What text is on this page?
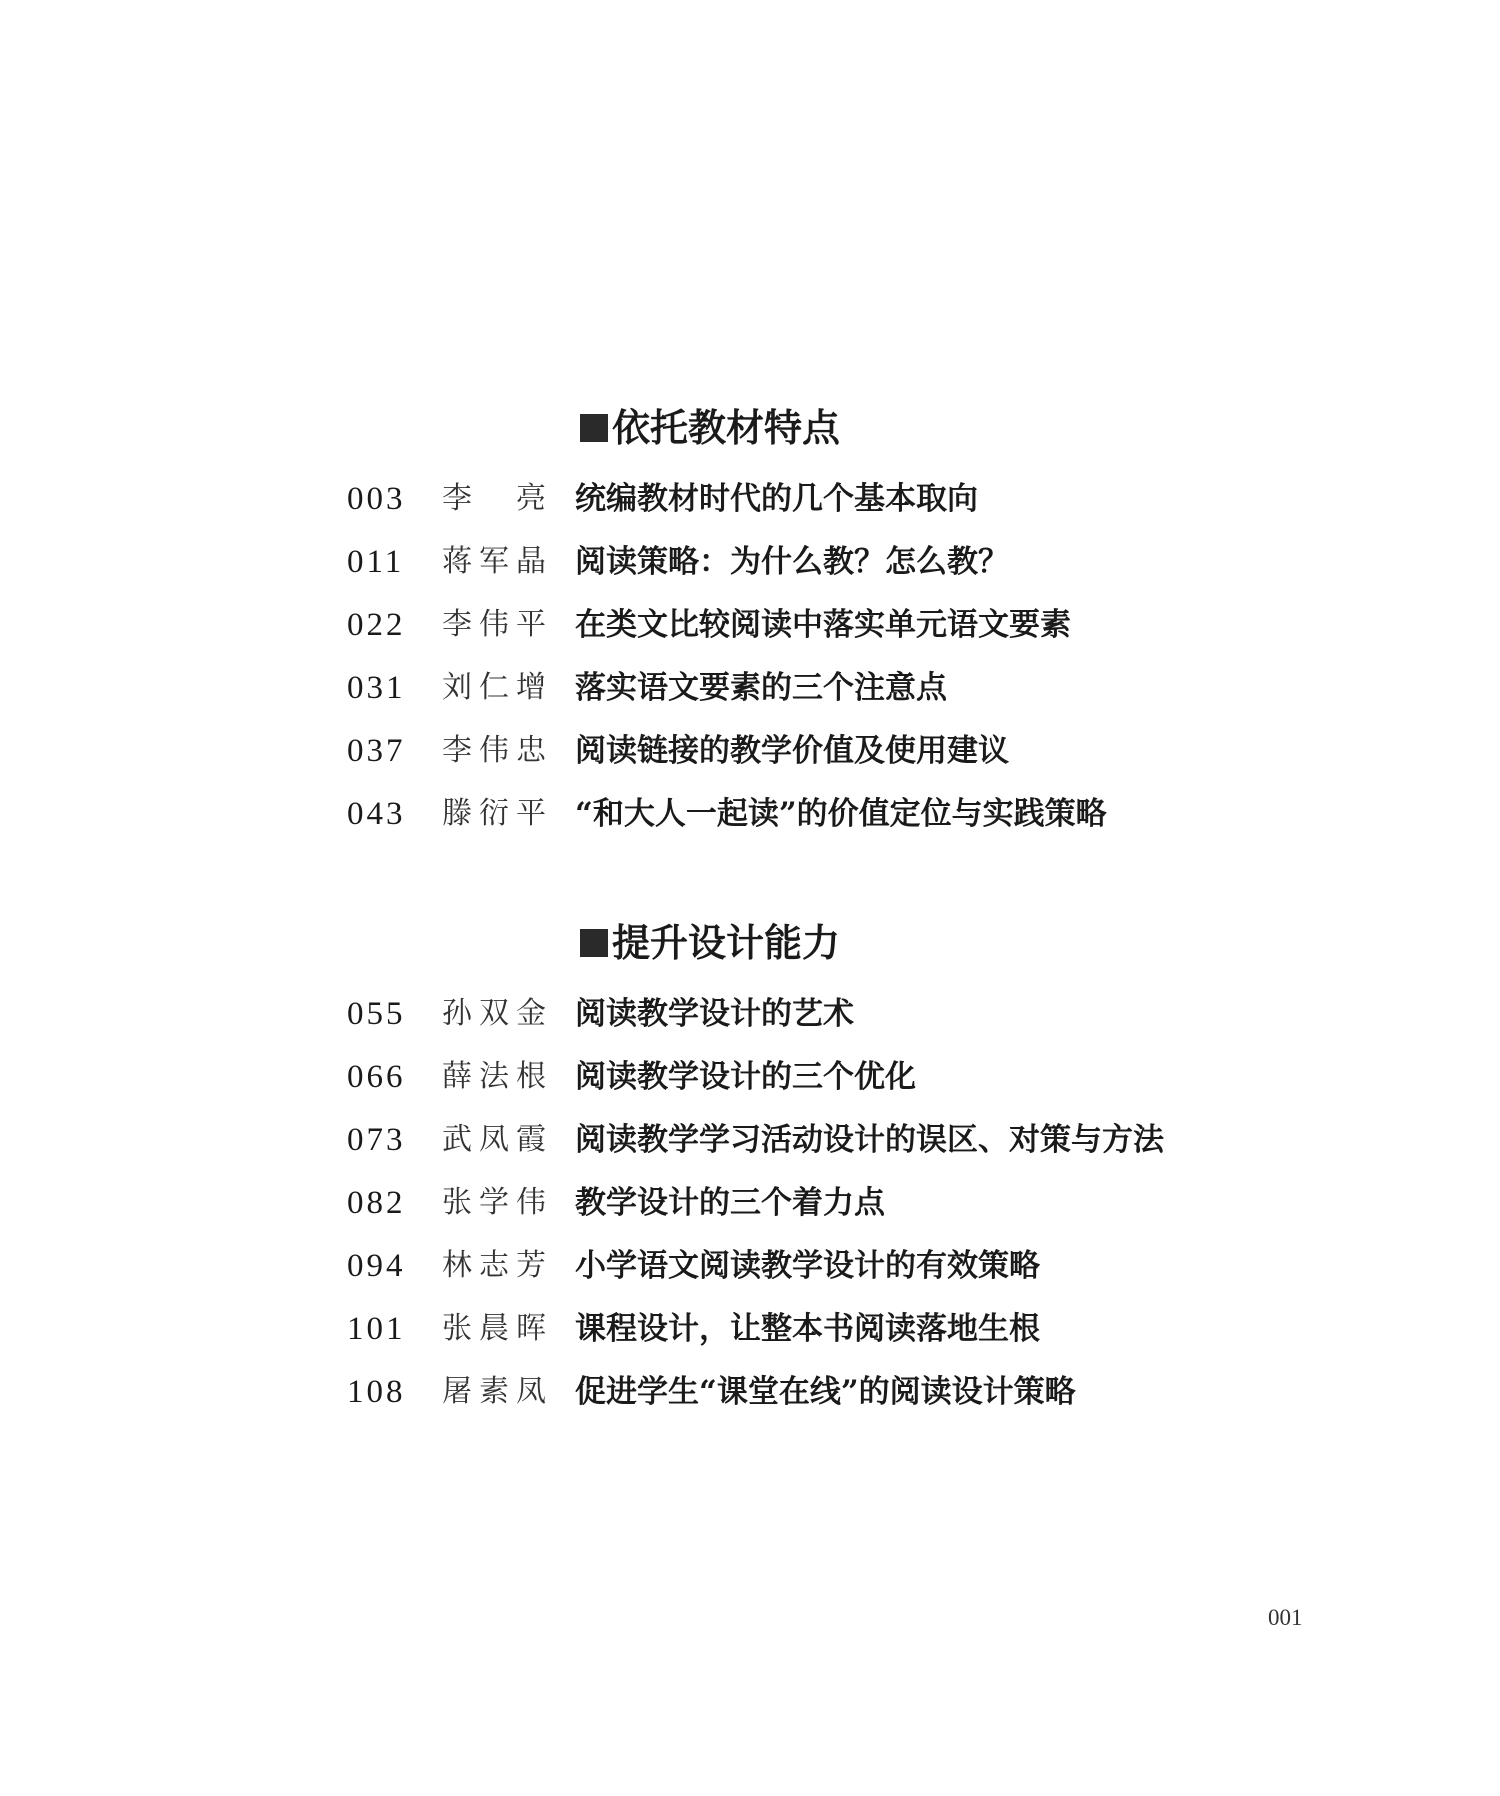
依托教材特点
003 李　亮 统编教材时代的几个基本取向
011 蒋军晶 阅读策略：为什么教？怎么教？
022 李伟平 在类文比较阅读中落实单元语文要素
031 刘仁增 落实语文要素的三个注意点
037 李伟忠 阅读链接的教学价值及使用建议
043 滕衍平 “和大人一起读”的价值定位与实践策略
提升设计能力
055 孙双金 阅读教学设计的艺术
066 薛法根 阅读教学设计的三个优化
073 武凤霞 阅读教学学习活动设计的误区、对策与方法
082 张学伟 教学设计的三个着力点
094 林志芳 小学语文阅读教学设计的有效策略
101 张晨晖 课程设计，让整本书阅读落地生根
108 屠素凤 促进学生“课堂在线”的阅读设计策略
001
